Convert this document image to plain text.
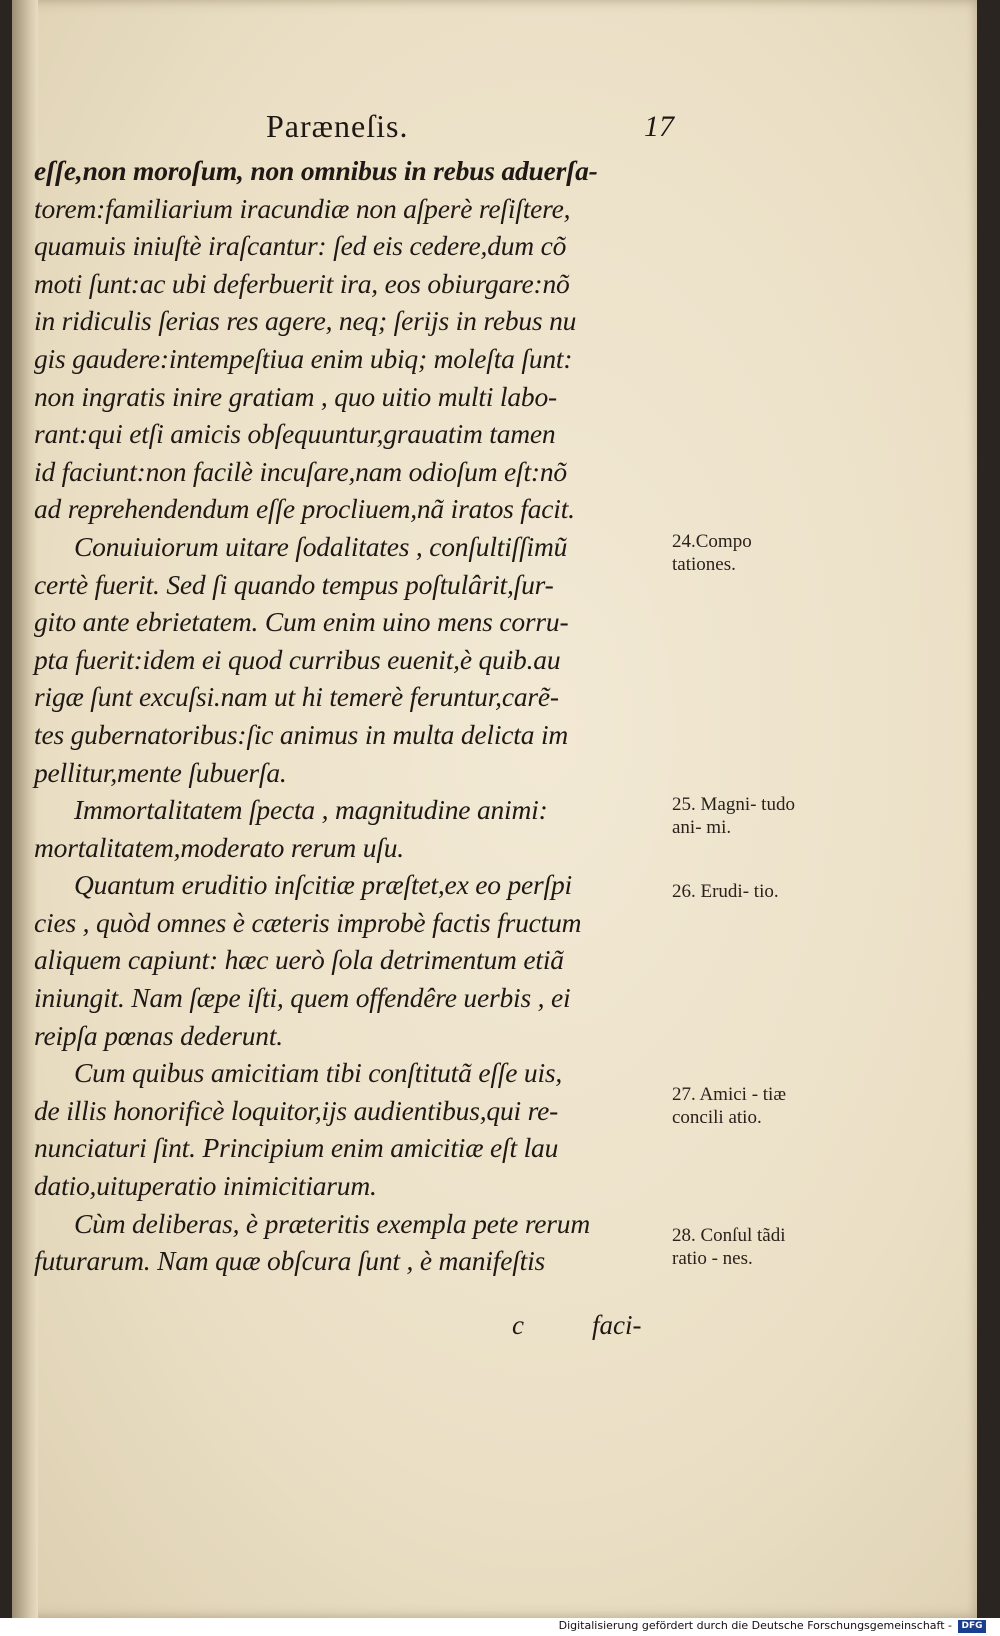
Paræneſis.	17
eſſe,non moroſum, non omnibus in rebus aduerſa-
torem:familiarium iracundiæ non aſperè reſiſtere,
quamuis iniuſtè iraſcantur: ſed eis cedere,dum cõ
moti ſunt:ac ubi deferbuerit ira, eos obiurgare:nõ
in ridiculis ſerias res agere, neq; ſeriјs in rebus nu
gis gaudere:intempeſtiua enim ubiq; moleſta ſunt:
non ingratis inire gratiam , quo uitio multi labo-
rant:qui etſi amicis obſequuntur,grauatim tamen
id faciunt:non facilè incuſare,nam odioſum eſt:nõ
ad reprehendendum eſſe procliuem,nã iratos facit.
Conuiuiorum uitare ſodalitates , conſultiſſimũ
certè fuerit. Sed ſi quando tempus poſtulârit,ſur-
gito ante ebrietatem. Cum enim uino mens corru-
pta fuerit:idem ei quod curribus euenit,è quib.au
rigæ ſunt excuſsi.nam ut hi temerè feruntur,carẽ-
tes gubernatoribus:ſic animus in multa delicta im
pellitur,mente ſubuerſa.
Immortalitatem ſpecta , magnitudine animi:
mortalitatem,moderato rerum uſu.
Quantum eruditio inſcitiæ præſtet,ex eo perſpi
cies , quòd omnes è cæteris improbè factis fructum
aliquem capiunt: hæc uerò ſola detrimentum etiã
iniungit. Nam ſæpe iſti, quem offendêre uerbis , ei
reipſa pœnas dederunt.
Cum quibus amicitiam tibi conſtitutã eſſe uis,
de illis honorificè loquitor,ijs audientibus,qui re-
nunciaturi ſint. Principium enim amicitiæ eſt lau
datio,uituperatio inimicitiarum.
Cùm deliberas, è præteritis exempla pete rerum
futurarum. Nam quæ obſcura ſunt , è manifeſtis
24.Compo tationes.
25. Magni- tudo ani- mi.
26. Erudi- tio.
27. Amici - tiæ concili atio.
28. Conſul tãdi ratio - nes.
c	faci-
Digitalisierung gefördert durch die Deutsche Forschungsgemeinschaft -	DFG
